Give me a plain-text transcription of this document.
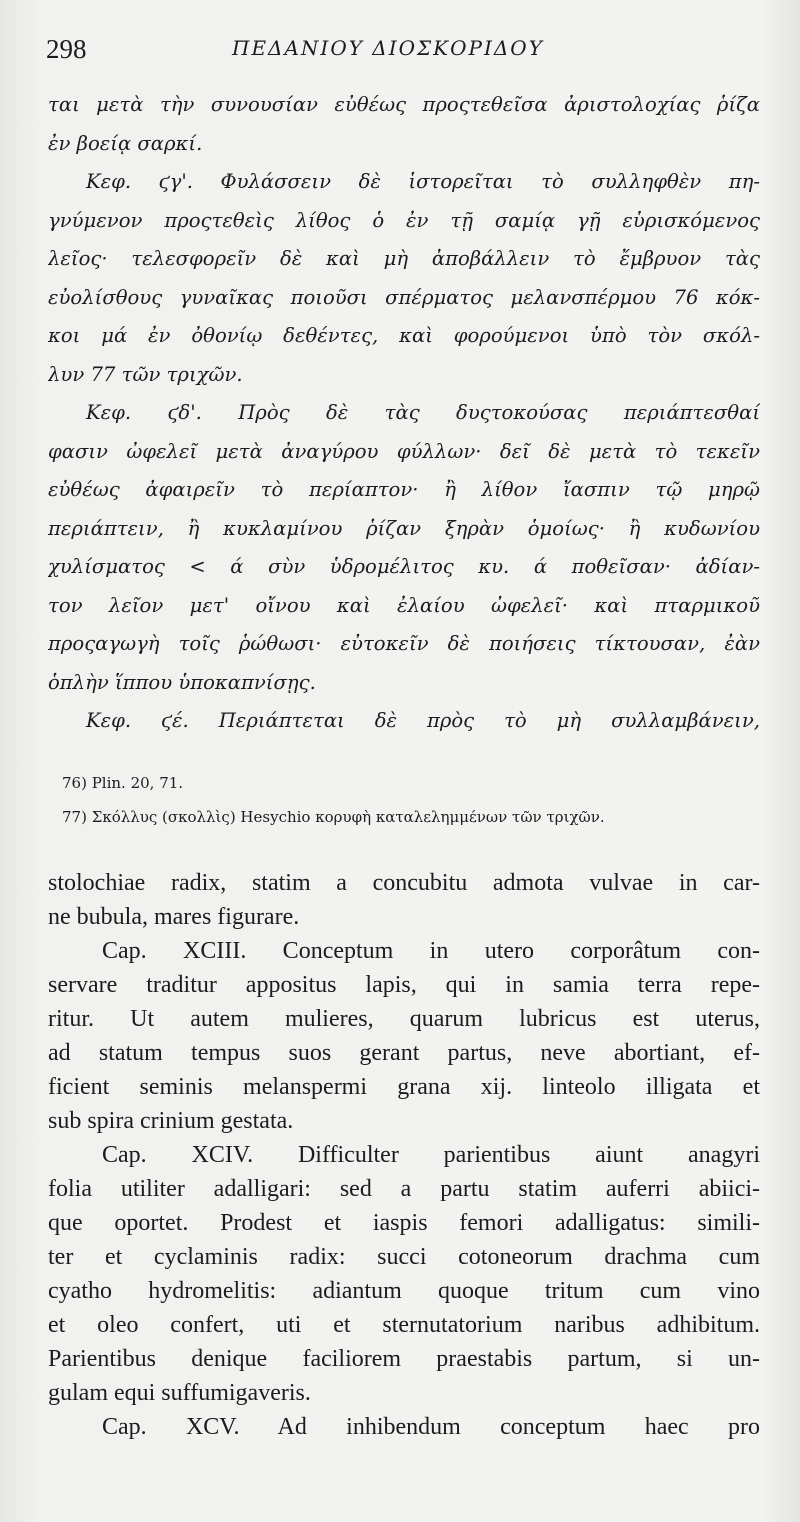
298	ΠΕΔΑΝΙΟΥ ΔΙΟΣΚΟΡΙΔΟΥ
ται μετὰ τὴν συνουσίαν εὐθέως προςτεθεῖσα ἀριστολοχίας ῥίζα
ἐν βοείᾳ σαρκί.
Κεφ. ϛγ'. Φυλάσσειν δὲ ἱστορεῖται τὸ συλληφθὲν πη-
γνύμενον προςτεθεὶς λίθος ὁ ἐν τῇ σαμίᾳ γῇ εὑρισκόμενος
λεῖος· τελεσφορεῖν δὲ καὶ μὴ ἀποβάλλειν τὸ ἔμβρυον τὰς
εὐολίσθους γυναῖκας ποιοῦσι σπέρματος μελανσπέρμου 76 κόκ-
κοι μά ἐν ὀθονίῳ δεθέντες, καὶ φορούμενοι ὑπὸ τὸν σκόλ-
λυν 77 τῶν τριχῶν.
Κεφ. ϛδ'. Πρὸς δὲ τὰς δυςτοκούσας περιάπτεσθαί
φασιν ὠφελεῖ μετὰ ἀναγύρου φύλλων· δεῖ δὲ μετὰ τὸ τεκεῖν
εὐθέως ἀφαιρεῖν τὸ περίαπτον· ἢ λίθον ἴασπιν τῷ μηρῷ
περιάπτειν, ἢ κυκλαμίνου ῥίζαν ξηρὰν ὁμοίως· ἢ κυδωνίου
χυλίσματος < ά σὺν ὑδρομέλιτος κυ. ά ποθεῖσαν· ἀδίαν-
τον λεῖον μετ' οἴνου καὶ ἐλαίου ὠφελεῖ· καὶ πταρμικοῦ
προςαγωγὴ τοῖς ῥώθωσι· εὐτοκεῖν δὲ ποιήσεις τίκτουσαν, ἐὰν
ὁπλὴν ἵππου ὑποκαπνίσῃς.
Κεφ. ϛέ. Περιάπτεται δὲ πρὸς τὸ μὴ συλλαμβάνειν,
76) Plin. 20, 71.
77) Σκόλλυς (σκολλὶς) Hesychio κορυφὴ καταλελημμένων τῶν τριχῶν.
stolochiae radix, statim a concubitu admota vulvae in car-
ne bubula, mares figurare.
Cap. XCIII. Conceptum in utero corporâtum con-
servare traditur appositus lapis, qui in samia terra repe-
ritur. Ut autem mulieres, quarum lubricus est uterus,
ad statum tempus suos gerant partus, neve abortiant, ef-
ficient seminis melanspermi grana xij. linteolo illigata et
sub spira crinium gestata.
Cap. XCIV. Difficulter parientibus aiunt anagyri
folia utiliter adalligari: sed a partu statim auferri abiici-
que oportet. Prodest et iaspis femori adalligatus: simili-
ter et cyclaminis radix: succi cotoneorum drachma cum
cyatho hydromelitis: adiantum quoque tritum cum vino
et oleo confert, uti et sternutatorium naribus adhibitum.
Parientibus denique faciliorem praestabis partum, si un-
gulam equi suffumigaveris.
Cap. XCV. Ad inhibendum conceptum haec pro
